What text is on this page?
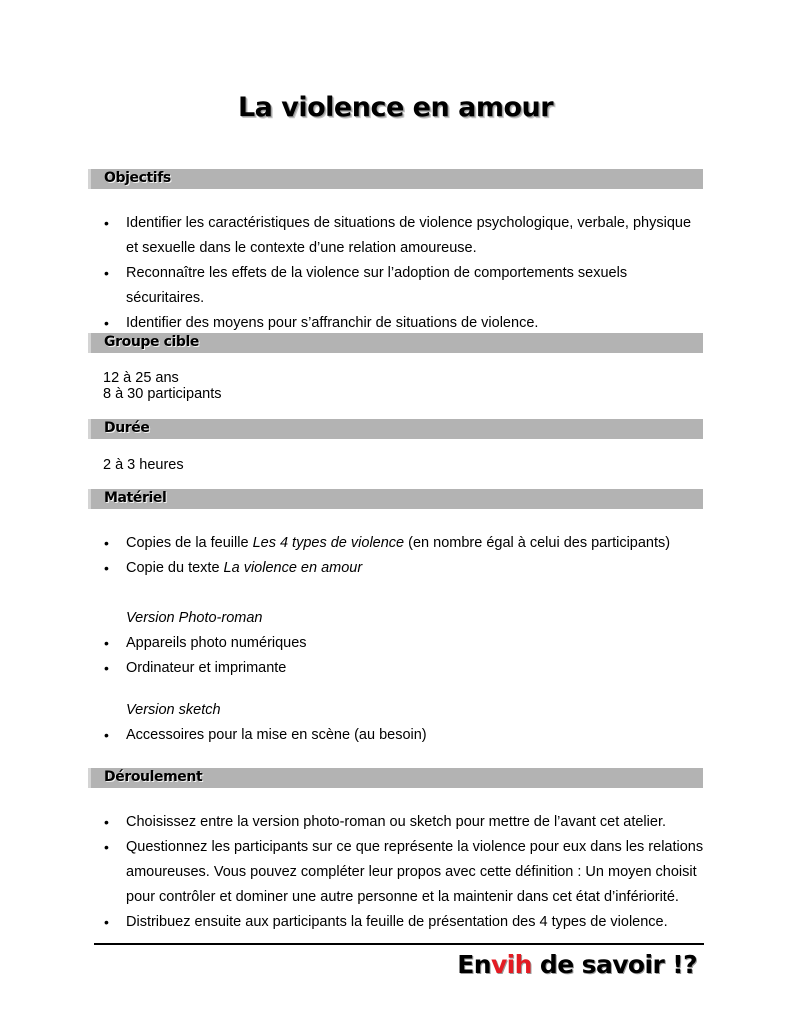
La violence en amour
Objectifs
• Identifier les caractéristiques de situations de violence psychologique, verbale, physique et sexuelle dans le contexte d’une relation amoureuse.
• Reconnaître les effets de la violence sur l’adoption de comportements sexuels sécuritaires.
• Identifier des moyens pour s’affranchir de situations de violence.
Groupe cible
12 à 25 ans
8 à 30 participants
Durée
2 à 3 heures
Matériel
• Copies de la feuille Les 4 types de violence (en nombre égal à celui des participants)
• Copie du texte La violence en amour
Version Photo-roman
• Appareils photo numériques
• Ordinateur et imprimante
Version sketch
• Accessoires pour la mise en scène (au besoin)
Déroulement
• Choisissez entre la version photo-roman ou sketch pour mettre de l’avant cet atelier.
• Questionnez les participants sur ce que représente la violence pour eux dans les relations amoureuses. Vous pouvez compléter leur propos avec cette définition : Un moyen choisit pour contrôler et dominer une autre personne et la maintenir dans cet état d’infériorité.
• Distribuez ensuite aux participants la feuille de présentation des 4 types de violence.
Envih de savoir !?
